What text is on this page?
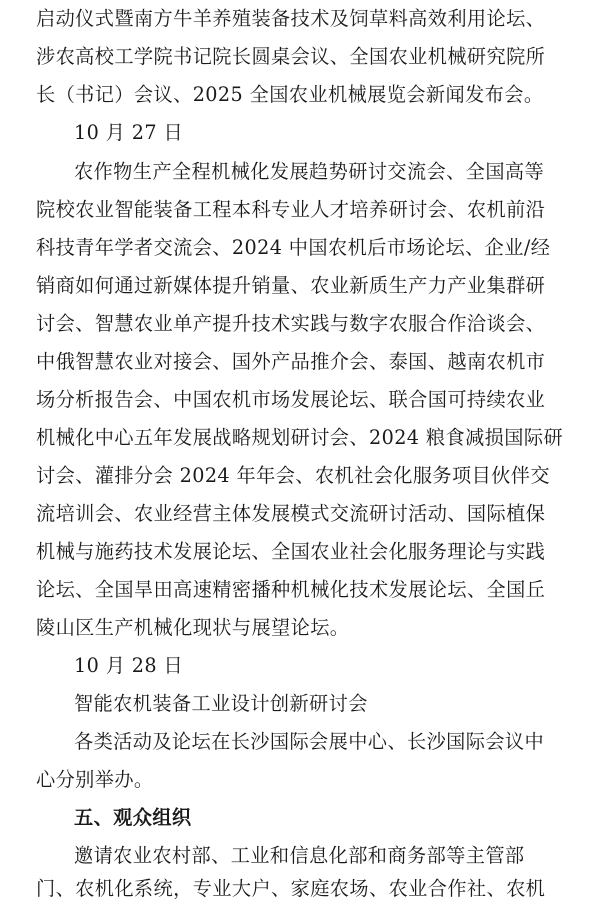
启动仪式暨南方牛羊养殖装备技术及饲草料高效利用论坛、
涉农高校工学院书记院长圆桌会议、全国农业机械研究院所
长（书记）会议、2025 全国农业机械展览会新闻发布会。
10 月 27 日
农作物生产全程机械化发展趋势研讨交流会、全国高等
院校农业智能装备工程本科专业人才培养研讨会、农机前沿
科技青年学者交流会、2024 中国农机后市场论坛、企业/经
销商如何通过新媒体提升销量、农业新质生产力产业集群研
讨会、智慧农业单产提升技术实践与数字农服合作洽谈会、
中俄智慧农业对接会、国外产品推介会、泰国、越南农机市
场分析报告会、中国农机市场发展论坛、联合国可持续农业
机械化中心五年发展战略规划研讨会、2024 粮食减损国际研
讨会、灌排分会 2024 年年会、农机社会化服务项目伙伴交
流培训会、农业经营主体发展模式交流研讨活动、国际植保
机械与施药技术发展论坛、全国农业社会化服务理论与实践
论坛、全国旱田高速精密播种机械化技术发展论坛、全国丘
陵山区生产机械化现状与展望论坛。
10 月 28 日
智能农机装备工业设计创新研讨会
各类活动及论坛在长沙国际会展中心、长沙国际会议中
心分别举办。
五、观众组织
邀请农业农村部、工业和信息化部和商务部等主管部
门、农机化系统，专业大户、家庭农场、农业合作社、农机
